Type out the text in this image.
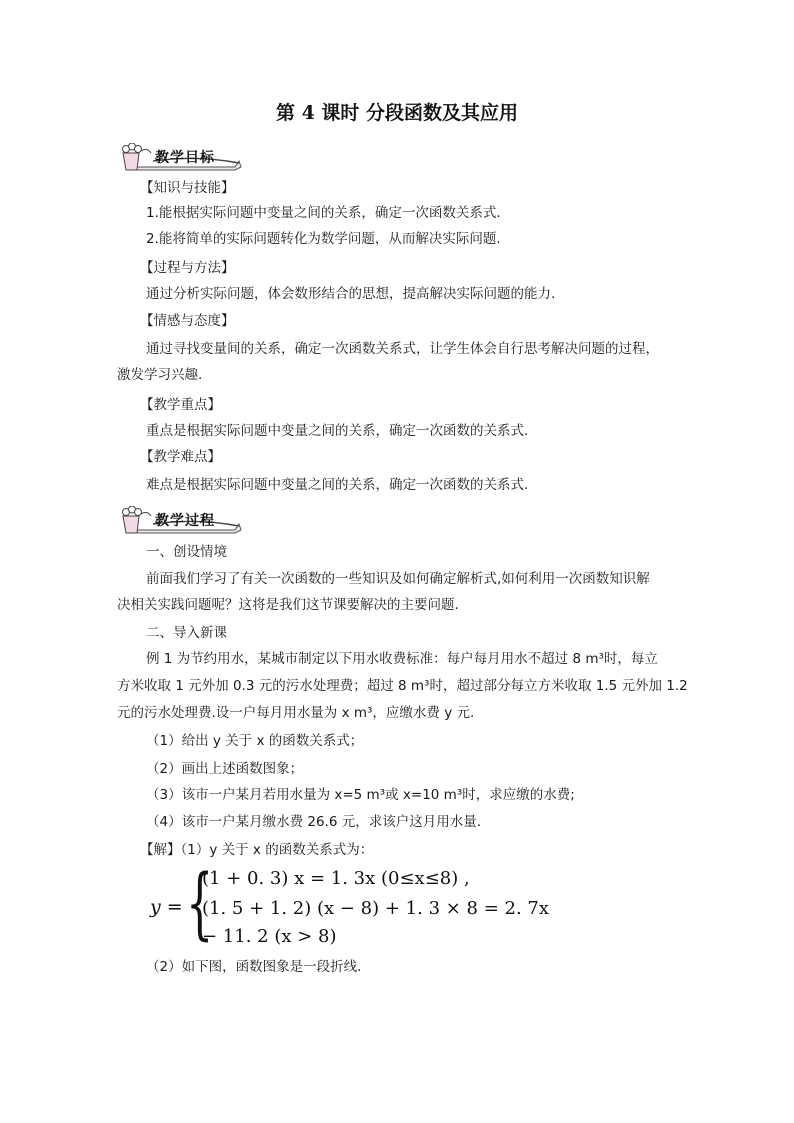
第 4 课时 分段函数及其应用
教学目标
【知识与技能】
1.能根据实际问题中变量之间的关系，确定一次函数关系式.
2.能将简单的实际问题转化为数学问题，从而解决实际问题.
【过程与方法】
通过分析实际问题，体会数形结合的思想，提高解决实际问题的能力.
【情感与态度】
通过寻找变量间的关系，确定一次函数关系式，让学生体会自行思考解决问题的过程，
激发学习兴趣.
【教学重点】
重点是根据实际问题中变量之间的关系，确定一次函数的关系式.
【教学难点】
难点是根据实际问题中变量之间的关系，确定一次函数的关系式.
教学过程
一、创设情境
前面我们学习了有关一次函数的一些知识及如何确定解析式,如何利用一次函数知识解
决相关实践问题呢？这将是我们这节课要解决的主要问题.
二、导入新课
例 1 为节约用水，某城市制定以下用水收费标准：每户每月用水不超过 8 m³时，每立
方米收取 1 元外加 0.3 元的污水处理费；超过 8 m³时，超过部分每立方米收取 1.5 元外加 1.2
元的污水处理费.设一户每月用水量为 x m³，应缴水费 y 元.
（1）给出 y 关于 x 的函数关系式；
（2）画出上述函数图象；
（3）该市一户某月若用水量为 x=5 m³或 x=10 m³时，求应缴的水费;
（4）该市一户某月缴水费 26.6 元，求该户这月用水量.
【解】（1）y 关于 x 的函数关系式为：
y = {
(1 + 0. 3) x = 1. 3x (0≤x≤8) ,
(1. 5 + 1. 2) (x − 8) + 1. 3 × 8 = 2. 7x
− 11. 2 (x > 8)
（2）如下图，函数图象是一段折线.
